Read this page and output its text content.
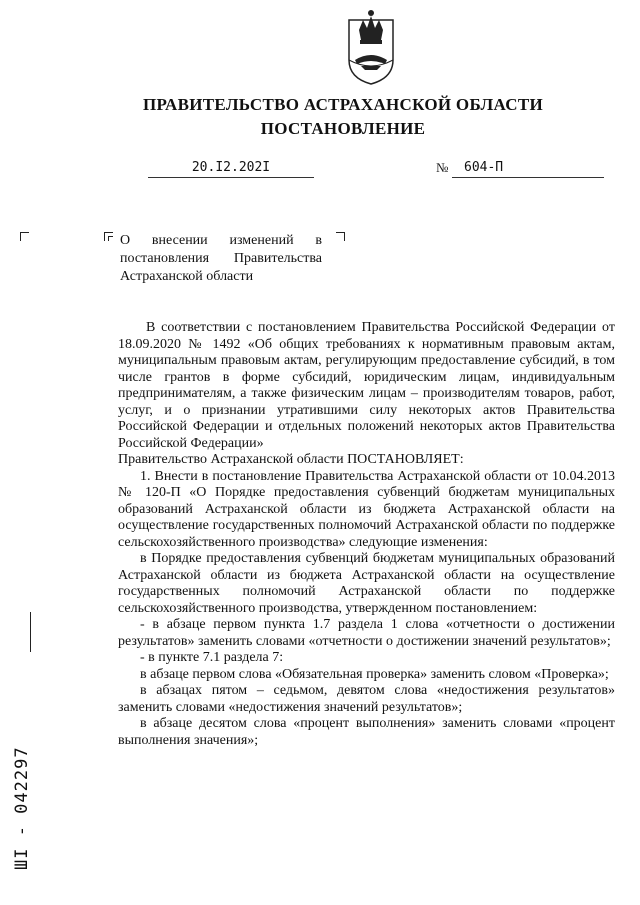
ПРАВИТЕЛЬСТВО АСТРАХАНСКОЙ ОБЛАСТИ
ПОСТАНОВЛЕНИЕ
20.I2.202I	№	604-П
О внесении изменений в постановления Правительства Астраханской области

В соответствии с постановлением Правительства Российской Федерации от 18.09.2020 № 1492 «Об общих требованиях к нормативным правовым актам, муниципальным правовым актам, регулирующим предоставление субсидий, в том числе грантов в форме субсидий, юридическим лицам, индивидуальным предпринимателям, а также физическим лицам – производителям товаров, работ, услуг, и о признании утратившими силу некоторых актов Правительства Российской Федерации и отдельных положений некоторых актов Правительства Российской Федерации»

Правительство Астраханской области ПОСТАНОВЛЯЕТ:

1. Внести в постановление Правительства Астраханской области от 10.04.2013 № 120-П «О Порядке предоставления субвенций бюджетам муниципальных образований Астраханской области из бюджета Астраханской области на осуществление государственных полномочий Астраханской области по поддержке сельскохозяйственного производства» следующие изменения:

в Порядке предоставления субвенций бюджетам муниципальных образований Астраханской области из бюджета Астраханской области на осуществление государственных полномочий Астраханской области по поддержке сельскохозяйственного производства, утвержденном постановлением:

- в абзаце первом пункта 1.7 раздела 1 слова «отчетности о достижении результатов» заменить словами «отчетности о достижении значений результатов»;

- в пункте 7.1 раздела 7:

в абзаце первом слова «Обязательная проверка» заменить словом «Проверка»;

в абзацах пятом – седьмом, девятом слова «недостижения результатов» заменить словами «недостижения значений результатов»;

в абзаце десятом слова «процент выполнения» заменить словами «процент выполнения значения»;

ШI - 042297
